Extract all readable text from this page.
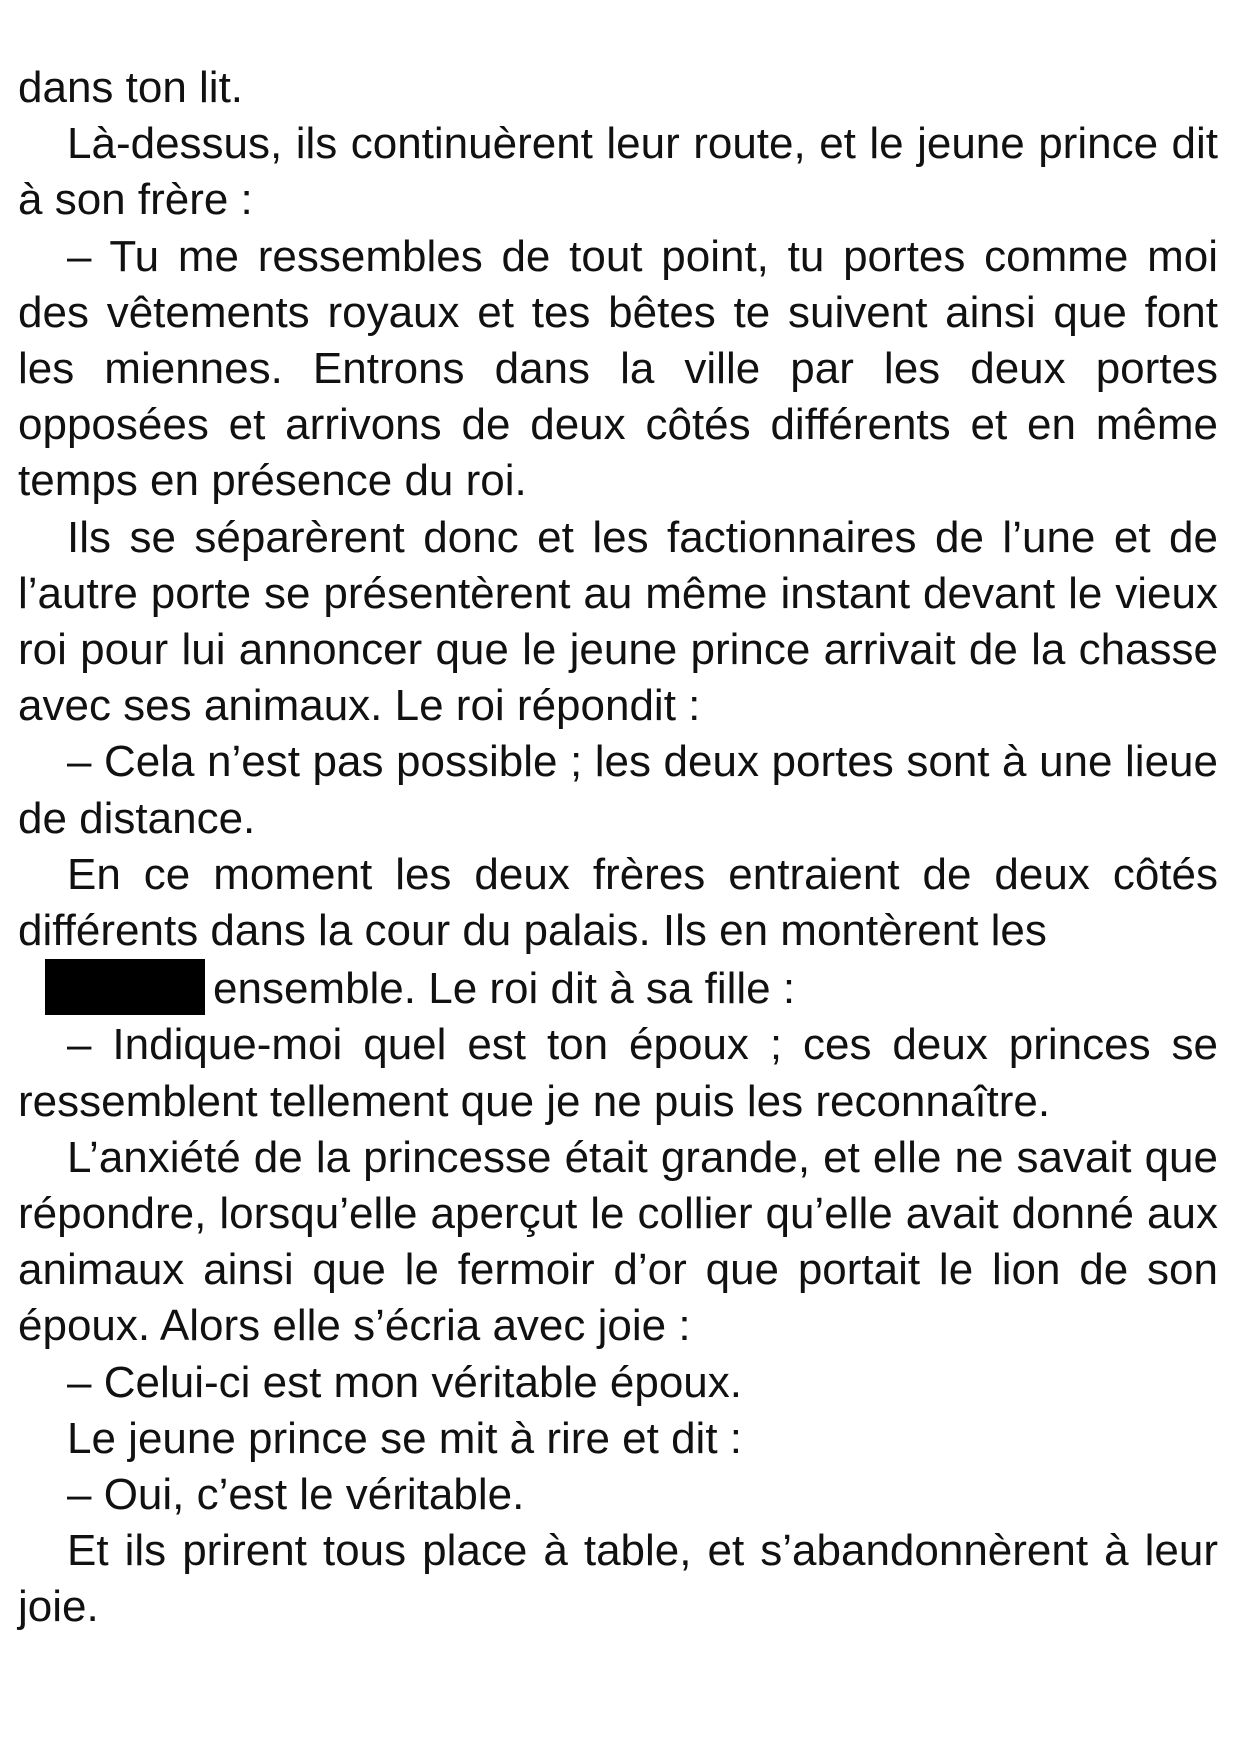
dans ton lit.

Là-dessus, ils continuèrent leur route, et le jeune prince dit à son frère :

– Tu me ressembles de tout point, tu portes comme moi des vêtements royaux et tes bêtes te suivent ainsi que font les miennes. Entrons dans la ville par les deux portes opposées et arrivons de deux côtés différents et en même temps en présence du roi.

Ils se séparèrent donc et les factionnaires de l’une et de l’autre porte se présentèrent au même instant devant le vieux roi pour lui annoncer que le jeune prince arrivait de la chasse avec ses animaux. Le roi répondit :

– Cela n’est pas possible ; les deux portes sont à une lieue de distance.

En ce moment les deux frères entraient de deux côtés différents dans la cour du palais. Ils en montèrent les

ensemble. Le roi dit à sa fille :

– Indique-moi quel est ton époux ; ces deux princes se ressemblent tellement que je ne puis les reconnaître.

L’anxiété de la princesse était grande, et elle ne savait que répondre, lorsqu’elle aperçut le collier qu’elle avait donné aux animaux ainsi que le fermoir d’or que portait le lion de son époux. Alors elle s’écria avec joie :

– Celui-ci est mon véritable époux.

Le jeune prince se mit à rire et dit :

– Oui, c’est le véritable.

Et ils prirent tous place à table, et s’abandonnèrent à leur joie.
